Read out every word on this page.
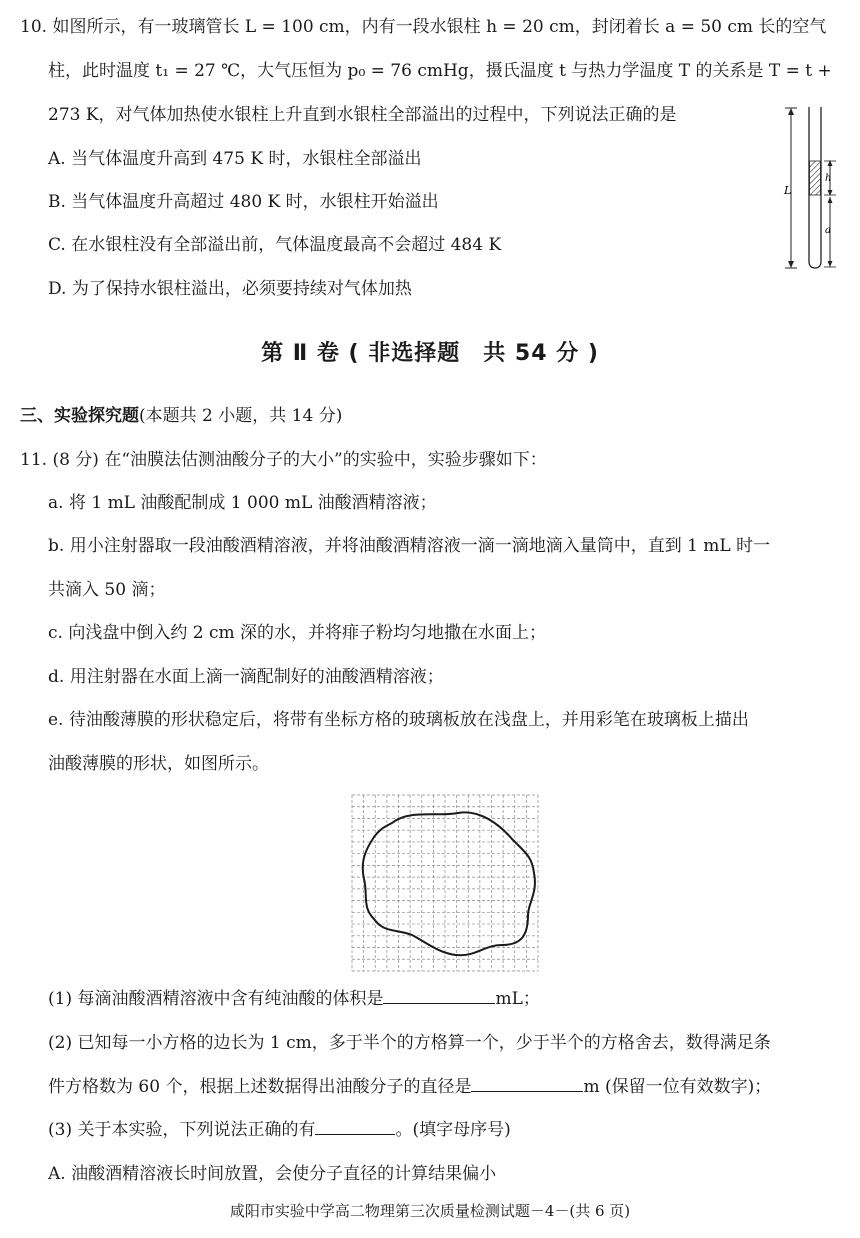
10. 如图所示，有一玻璃管长 L = 100 cm，内有一段水银柱 h = 20 cm，封闭着长 a = 50 cm 长的空气
柱，此时温度 t₁ = 27 ℃，大气压恒为 p₀ = 76 cmHg，摄氏温度 t 与热力学温度 T 的关系是 T = t +
273 K，对气体加热使水银柱上升直到水银柱全部溢出的过程中，下列说法正确的是
A. 当气体温度升高到 475 K 时，水银柱全部溢出
B. 当气体温度升高超过 480 K 时，水银柱开始溢出
C. 在水银柱没有全部溢出前，气体温度最高不会超过 484 K
D. 为了保持水银柱溢出，必须要持续对气体加热
L
h
a
第 Ⅱ 卷 ( 非选择题　共 54 分 )
三、实验探究题(本题共 2 小题，共 14 分)
11. (8 分) 在“油膜法估测油酸分子的大小”的实验中，实验步骤如下：
a. 将 1 mL 油酸配制成 1 000 mL 油酸酒精溶液；
b. 用小注射器取一段油酸酒精溶液，并将油酸酒精溶液一滴一滴地滴入量筒中，直到 1 mL 时一
共滴入 50 滴；
c. 向浅盘中倒入约 2 cm 深的水，并将痱子粉均匀地撒在水面上；
d. 用注射器在水面上滴一滴配制好的油酸酒精溶液；
e. 待油酸薄膜的形状稳定后，将带有坐标方格的玻璃板放在浅盘上，并用彩笔在玻璃板上描出
油酸薄膜的形状，如图所示。
(1) 每滴油酸酒精溶液中含有纯油酸的体积是	mL；
(2) 已知每一小方格的边长为 1 cm，多于半个的方格算一个，少于半个的方格舍去，数得满足条
件方格数为 60 个，根据上述数据得出油酸分子的直径是	m (保留一位有效数字)；
(3) 关于本实验，下列说法正确的有	。(填字母序号)
A. 油酸酒精溶液长时间放置，会使分子直径的计算结果偏小
咸阳市实验中学高二物理第三次质量检测试题－4－(共 6 页)
